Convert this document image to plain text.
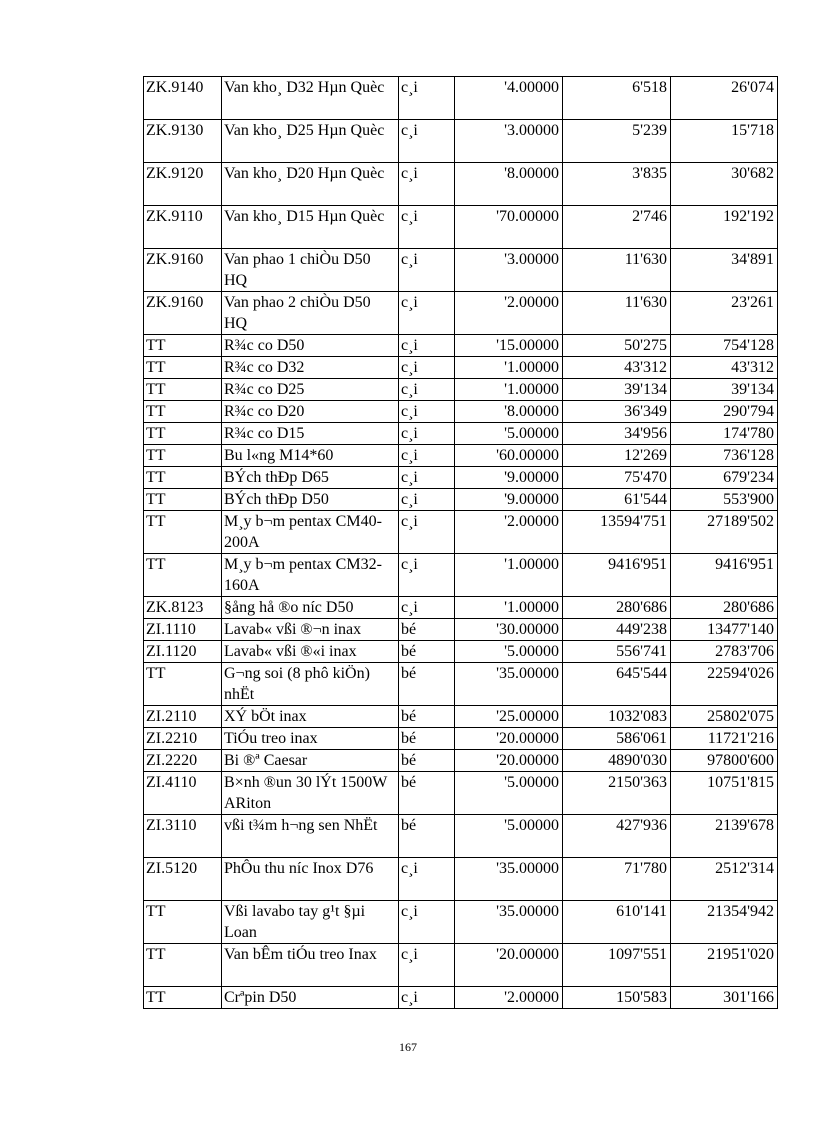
ZK.9140	Van kho¸ D32 Hµn Quèc	c¸i	'4.00000	6'518	26'074
ZK.9130	Van kho¸ D25 Hµn Quèc	c¸i	'3.00000	5'239	15'718
ZK.9120	Van kho¸ D20 Hµn Quèc	c¸i	'8.00000	3'835	30'682
ZK.9110	Van kho¸ D15 Hµn Quèc	c¸i	'70.00000	2'746	192'192
ZK.9160	Van phao 1 chiÒu D50 HQ	c¸i	'3.00000	11'630	34'891
ZK.9160	Van phao 2 chiÒu D50 HQ	c¸i	'2.00000	11'630	23'261
TT	R¾c co D50	c¸i	'15.00000	50'275	754'128
TT	R¾c co D32	c¸i	'1.00000	43'312	43'312
TT	R¾c co D25	c¸i	'1.00000	39'134	39'134
TT	R¾c co D20	c¸i	'8.00000	36'349	290'794
TT	R¾c co D15	c¸i	'5.00000	34'956	174'780
TT	Bu l«ng M14*60	c¸i	'60.00000	12'269	736'128
TT	BÝch thÐp D65	c¸i	'9.00000	75'470	679'234
TT	BÝch thÐp D50	c¸i	'9.00000	61'544	553'900
TT	M¸y b¬m pentax CM40-200A	c¸i	'2.00000	13594'751	27189'502
TT	M¸y b¬m pentax CM32-160A	c¸i	'1.00000	9416'951	9416'951
ZK.8123	§ång hå ®o níc D50	c¸i	'1.00000	280'686	280'686
ZI.1110	Lavab« vßi ®¬n inax	bé	'30.00000	449'238	13477'140
ZI.1120	Lavab« vßi ®«i inax	bé	'5.00000	556'741	2783'706
TT	G¬ng soi (8 phô kiÖn) nhËt	bé	'35.00000	645'544	22594'026
ZI.2110	XÝ bÖt inax	bé	'25.00000	1032'083	25802'075
ZI.2210	TiÓu treo inax	bé	'20.00000	586'061	11721'216
ZI.2220	Bi ®ª Caesar	bé	'20.00000	4890'030	97800'600
ZI.4110	B×nh ®un 30 lÝt 1500W ARiton	bé	'5.00000	2150'363	10751'815
ZI.3110	vßi t¾m h¬ng sen NhËt	bé	'5.00000	427'936	2139'678
ZI.5120	PhÔu thu níc Inox D76	c¸i	'35.00000	71'780	2512'314
TT	Vßi lavabo tay g¹t §µi Loan	c¸i	'35.00000	610'141	21354'942
TT	Van bÊm tiÓu treo Inax	c¸i	'20.00000	1097'551	21951'020
TT	Crªpin D50	c¸i	'2.00000	150'583	301'166
167
